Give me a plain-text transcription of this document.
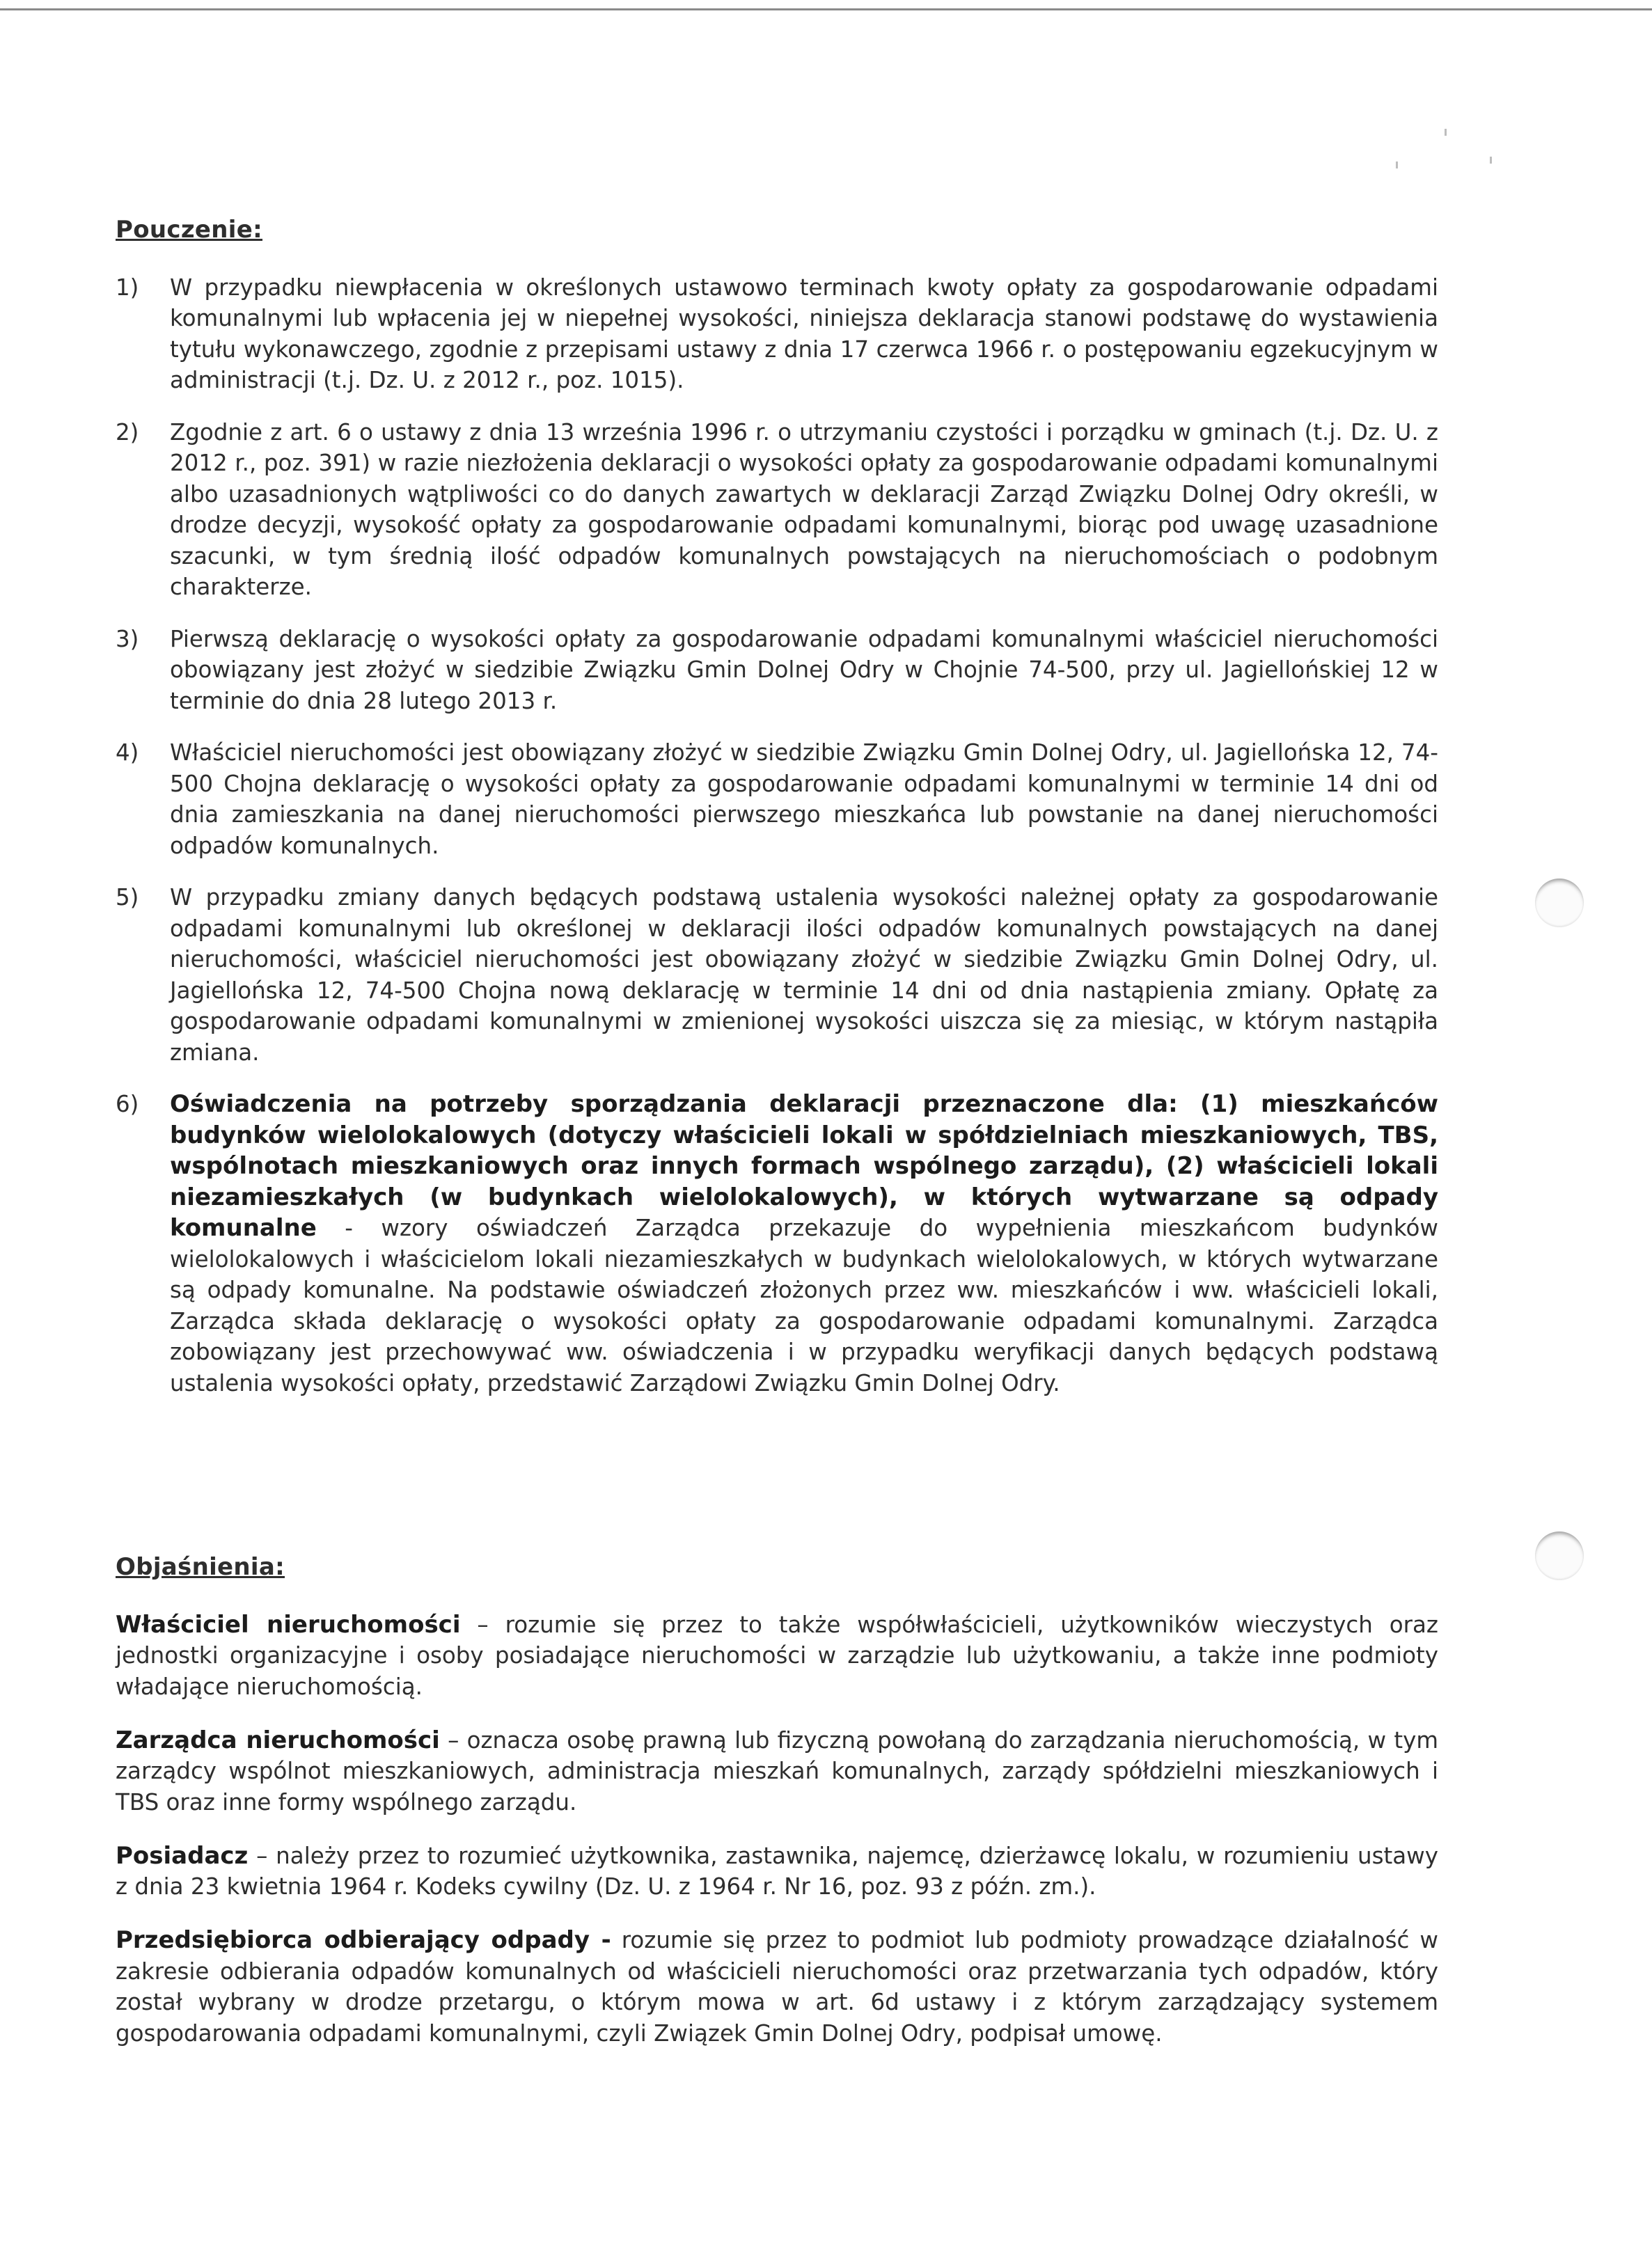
Pouczenie:
1)	W przypadku niewpłacenia w określonych ustawowo terminach kwoty opłaty za gospodarowanie odpadami komunalnymi lub wpłacenia jej w niepełnej wysokości, niniejsza deklaracja stanowi podstawę do wystawienia tytułu wykonawczego, zgodnie z przepisami ustawy z dnia 17 czerwca 1966 r. o postępowaniu egzekucyjnym w administracji (t.j. Dz. U. z 2012 r., poz. 1015).
2)	Zgodnie z art. 6 o ustawy z dnia 13 września 1996 r. o utrzymaniu czystości i porządku w gminach (t.j. Dz. U. z 2012 r., poz. 391) w razie niezłożenia deklaracji o wysokości opłaty za gospodarowanie odpadami komunalnymi albo uzasadnionych wątpliwości co do danych zawartych w deklaracji Zarząd Związku Dolnej Odry określi, w drodze decyzji, wysokość opłaty za gospodarowanie odpadami komunalnymi, biorąc pod uwagę uzasadnione szacunki, w tym średnią ilość odpadów komunalnych powstających na nieruchomościach o podobnym charakterze.
3)	Pierwszą deklarację o wysokości opłaty za gospodarowanie odpadami komunalnymi właściciel nieruchomości obowiązany jest złożyć w siedzibie Związku Gmin Dolnej Odry w Chojnie 74-500, przy ul. Jagiellońskiej 12 w terminie do dnia 28 lutego 2013 r.
4)	Właściciel nieruchomości jest obowiązany złożyć w siedzibie Związku Gmin Dolnej Odry, ul. Jagiellońska 12, 74-500 Chojna deklarację o wysokości opłaty za gospodarowanie odpadami komunalnymi w terminie 14 dni od dnia zamieszkania na danej nieruchomości pierwszego mieszkańca lub powstanie na danej nieruchomości odpadów komunalnych.
5)	W przypadku zmiany danych będących podstawą ustalenia wysokości należnej opłaty za gospodarowanie odpadami komunalnymi lub określonej w deklaracji ilości odpadów komunalnych powstających na danej nieruchomości, właściciel nieruchomości jest obowiązany złożyć w siedzibie Związku Gmin Dolnej Odry, ul. Jagiellońska 12, 74-500 Chojna nową deklarację w terminie 14 dni od dnia nastąpienia zmiany. Opłatę za gospodarowanie odpadami komunalnymi w zmienionej wysokości uiszcza się za miesiąc, w którym nastąpiła zmiana.
6)	Oświadczenia na potrzeby sporządzania deklaracji przeznaczone dla: (1) mieszkańców budynków wielolokalowych (dotyczy właścicieli lokali w spółdzielniach mieszkaniowych, TBS, wspólnotach mieszkaniowych oraz innych formach wspólnego zarządu), (2) właścicieli lokali niezamieszkałych (w budynkach wielolokalowych), w których wytwarzane są odpady komunalne - wzory oświadczeń Zarządca przekazuje do wypełnienia mieszkańcom budynków wielolokalowych i właścicielom lokali niezamieszkałych w budynkach wielolokalowych, w których wytwarzane są odpady komunalne. Na podstawie oświadczeń złożonych przez ww. mieszkańców i ww. właścicieli lokali, Zarządca składa deklarację o wysokości opłaty za gospodarowanie odpadami komunalnymi. Zarządca zobowiązany jest przechowywać ww. oświadczenia i w przypadku weryfikacji danych będących podstawą ustalenia wysokości opłaty, przedstawić Zarządowi Związku Gmin Dolnej Odry.
Objaśnienia:

Właściciel nieruchomości – rozumie się przez to także współwłaścicieli, użytkowników wieczystych oraz jednostki organizacyjne i osoby posiadające nieruchomości w zarządzie lub użytkowaniu, a także inne podmioty władające nieruchomością.

Zarządca nieruchomości – oznacza osobę prawną lub fizyczną powołaną do zarządzania nieruchomością, w tym zarządcy wspólnot mieszkaniowych, administracja mieszkań komunalnych, zarządy spółdzielni mieszkaniowych i TBS oraz inne formy wspólnego zarządu.

Posiadacz – należy przez to rozumieć użytkownika, zastawnika, najemcę, dzierżawcę lokalu, w rozumieniu ustawy z dnia 23 kwietnia 1964 r. Kodeks cywilny (Dz. U. z 1964 r. Nr 16, poz. 93 z późn. zm.).

Przedsiębiorca odbierający odpady - rozumie się przez to podmiot lub podmioty prowadzące działalność w zakresie odbierania odpadów komunalnych od właścicieli nieruchomości oraz przetwarzania tych odpadów, który został wybrany w drodze przetargu, o którym mowa w art. 6d ustawy i z którym zarządzający systemem gospodarowania odpadami komunalnymi, czyli Związek Gmin Dolnej Odry, podpisał umowę.
